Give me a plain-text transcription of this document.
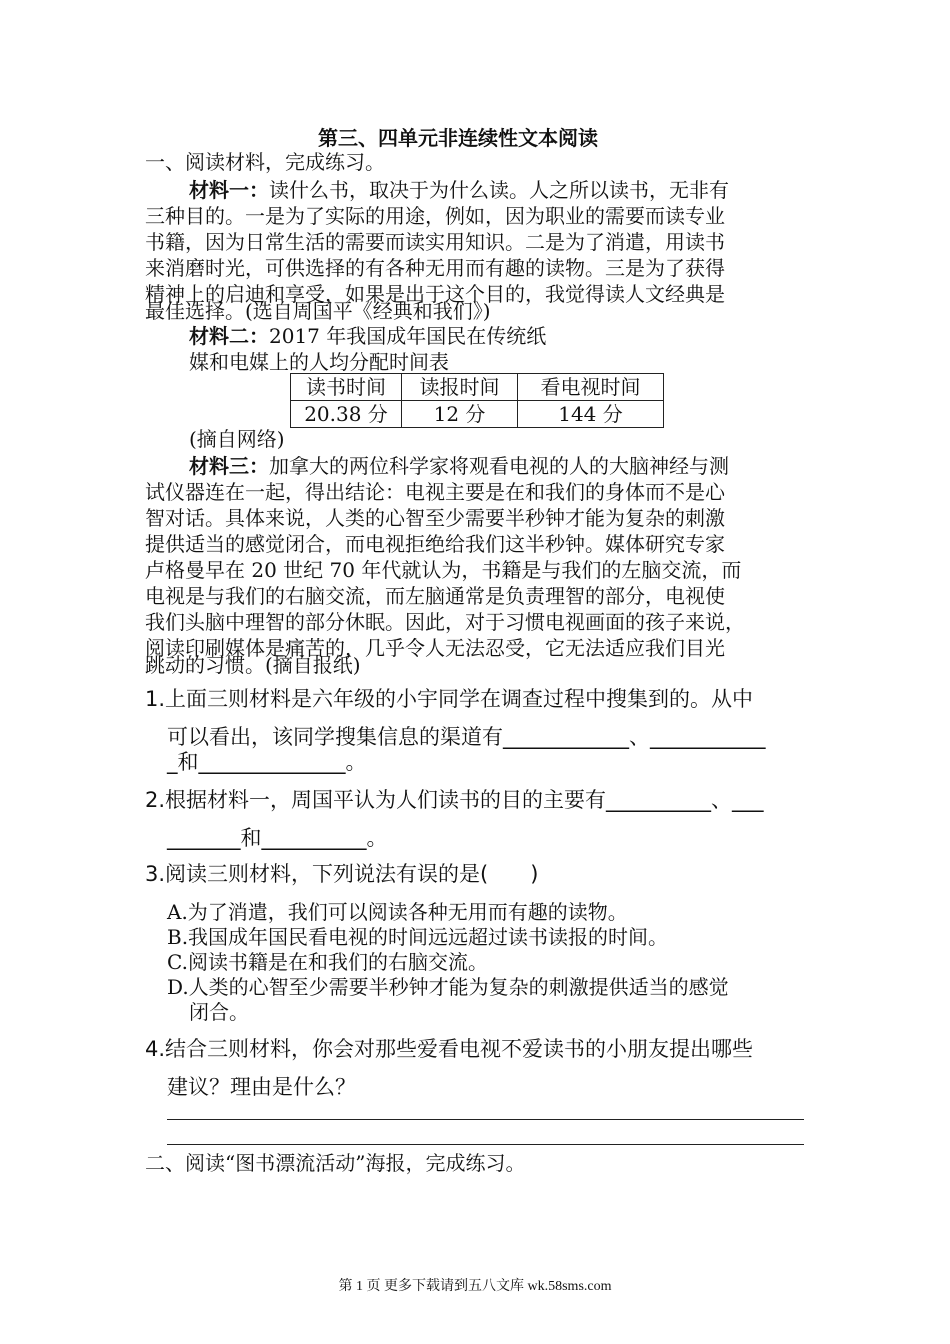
第三、四单元非连续性文本阅读
一、阅读材料，完成练习。
材料一：读什么书，取决于为什么读。人之所以读书，无非有
三种目的。一是为了实际的用途，例如，因为职业的需要而读专业
书籍，因为日常生活的需要而读实用知识。二是为了消遣，用读书
来消磨时光，可供选择的有各种无用而有趣的读物。三是为了获得
精神上的启迪和享受，如果是出于这个目的，我觉得读人文经典是
最佳选择。(选自周国平《经典和我们》)
材料二：2017 年我国成年国民在传统纸
媒和电媒上的人均分配时间表
读书时间	读报时间	看电视时间
20.38 分	12 分	144 分
(摘自网络)
材料三：加拿大的两位科学家将观看电视的人的大脑神经与测
试仪器连在一起，得出结论：电视主要是在和我们的身体而不是心
智对话。具体来说，人类的心智至少需要半秒钟才能为复杂的刺激
提供适当的感觉闭合，而电视拒绝给我们这半秒钟。媒体研究专家
卢格曼早在 20 世纪 70 年代就认为，书籍是与我们的左脑交流，而
电视是与我们的右脑交流，而左脑通常是负责理智的部分，电视使
我们头脑中理智的部分休眠。因此，对于习惯电视画面的孩子来说，
阅读印刷媒体是痛苦的，几乎令人无法忍受，它无法适应我们目光
跳动的习惯。(摘自报纸)
1.上面三则材料是六年级的小宇同学在调查过程中搜集到的。从中
可以看出，该同学搜集信息的渠道有____________、___________
_和______________。
2.根据材料一，周国平认为人们读书的目的主要有__________、___
_______和__________。
3.阅读三则材料，下列说法有误的是(　　)
A.为了消遣，我们可以阅读各种无用而有趣的读物。
B.我国成年国民看电视的时间远远超过读书读报的时间。
C.阅读书籍是在和我们的右脑交流。
D.人类的心智至少需要半秒钟才能为复杂的刺激提供适当的感觉
闭合。
4.结合三则材料，你会对那些爱看电视不爱读书的小朋友提出哪些
建议？理由是什么？
二、阅读“图书漂流活动”海报，完成练习。
第 1 页 更多下载请到五八文库 wk.58sms.com
